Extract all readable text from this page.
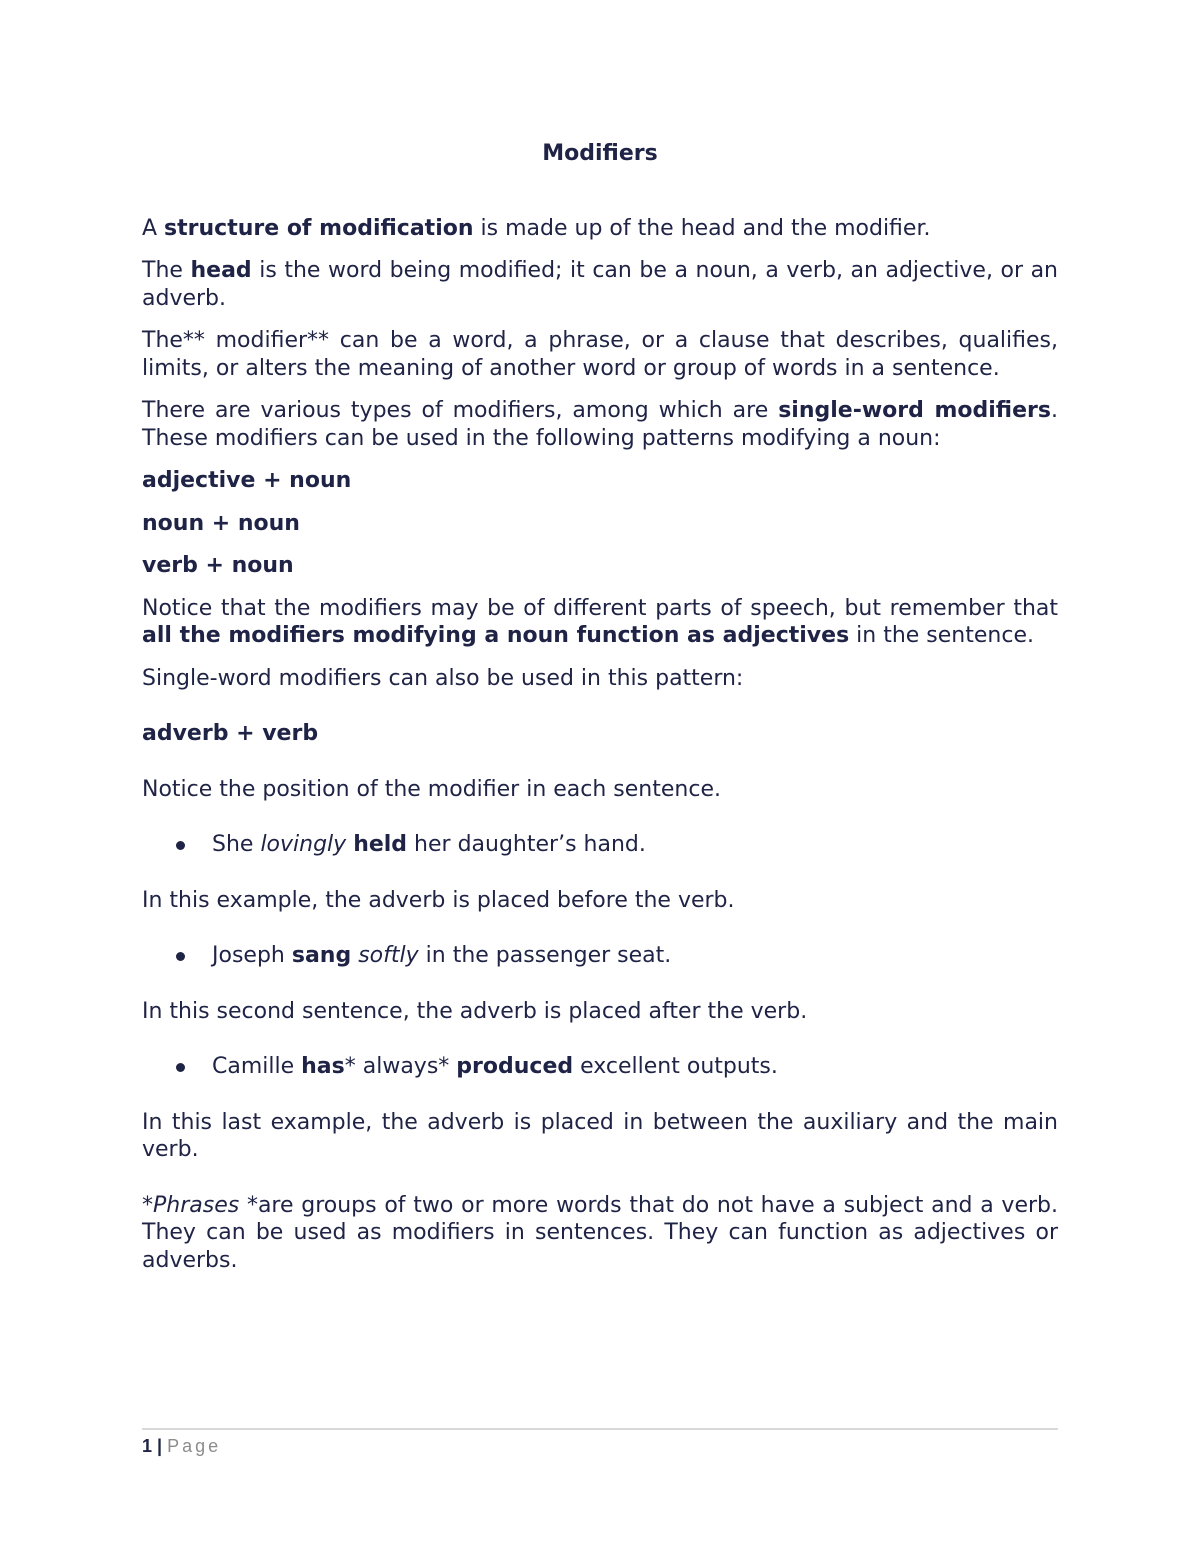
Modifiers
A structure of modification is made up of the head and the modifier.
The head is the word being modified; it can be a noun, a verb, an adjective, or an adverb.
The** modifier** can be a word, a phrase, or a clause that describes, qualifies, limits, or alters the meaning of another word or group of words in a sentence.
There are various types of modifiers, among which are single-word modifiers. These modifiers can be used in the following patterns modifying a noun:
adjective + noun
noun + noun
verb + noun
Notice that the modifiers may be of different parts of speech, but remember that all the modifiers modifying a noun function as adjectives in the sentence.
Single-word modifiers can also be used in this pattern:
adverb + verb
Notice the position of the modifier in each sentence.
She lovingly held her daughter’s hand.
In this example, the adverb is placed before the verb.
Joseph sang softly in the passenger seat.
In this second sentence, the adverb is placed after the verb.
Camille has* always* produced excellent outputs.
In this last example, the adverb is placed in between the auxiliary and the main verb.
*Phrases *are groups of two or more words that do not have a subject and a verb. They can be used as modifiers in sentences. They can function as adjectives or adverbs.
1 | Page
